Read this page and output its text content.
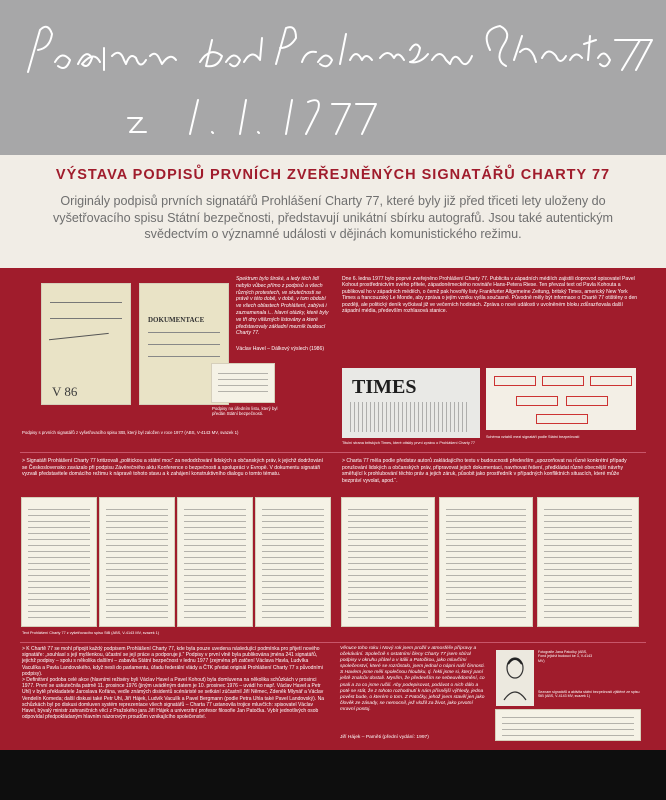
VÝSTAVA PODPISŮ PRVNÍCH ZVEŘEJNĚNÝCH SIGNATÁŘŮ CHARTY 77
Originály podpisů prvních signatářů Prohlášení Charty 77, které byly již před třiceti lety uloženy do vyšetřovacího spisu Státní bezpečnosti, představují unikátní sbírku autografů. Jsou také autentickým svědectvím o významné události v dějinách komunistického režimu.
V 86
DOKUMENTACE
Spektrum bylo široké, a ledy těch lidí nebylo vůbec přímo z podpisů a všech různých protestech, ve skutečnosti se právě v této době, v době, v tom období ve všech oblastech Prohlášení, zabývá i zaznamenala i... hlavní otázky, které byly ve tři dny vítězných listovány a které představovaly základní mezník budoucí Charty 77.
Václav Havel – Dálkový výslech (1986)
Podpisy na úředním listu, který byl předán Státní bezpečnosti.
Podpisy s prvních signatářů z vyšetřovacího spisu StB, který byl založen v roce 1977 (ABS, V-4143 MV, svazek 1)
Dne 6. ledna 1977 bylo poprvé zveřejněno Prohlášení Charty 77. Publicita v západních médiích zajistili doprovod opisovatel Pavel Kohout prostřednictvím svého přítele, západoněmeckého novináře Hans-Petera Riese. Ten převzal text od Pavla Kohouta a publikoval ho v západních médiích, o čemž pak hovořily listy Frankfurter Allgemeine Zeitung, britský Times, americký New York Times a francouzský Le Monde, aby zpráva o jejím vzniku vyšla současně. Původně měly být informace o Chartě 77 otištěny o den později, ale politický deník vyčkával již ve večerních hodinách. Zpráva o nové události v uvolněném bloku zdůrazňovala další západní média, především rozhlasová stanice.
TIMES
Titulní strana britských Times, které otiskly první zprávu o Prohlášení Charty 77
Schéma vztahů mezi signatáři podle Státní bezpečnosti
> Signatáři Prohlášení Charty 77 kritizovali „politickou a státní moc“ za nedodržování lidských a občanských práv, k jejichž dodržování se Československo zavázalo při podpisu Závěrečného aktu Konference o bezpečnosti a spolupráci v Evropě. V dokumentu signatáři vyzvali představitele domácího režimu k nápravě tohoto stavu a k zahájení konstruktivního dialogu o tomto tématu.
Text Prohlášení Charty 77 z vyšetřovacího spisu StB (ABS, V-4143 MV, svazek 1)
> Charta 77 měla podle představ autorů zakládajícího textu v budoucnosti především „upozorňovat na různé konkrétní případy porušování lidských a občanských práv, připravovat jejich dokumentaci, navrhovat řešení, předkládat různé obecnější návrhy směřující k prohlubování těchto práv a jejich záruk, působit jako prostředník v případných konfliktních situacích, které může bezpráví vyvolat, apod.“.
> K Chartě 77 se mohl připojit každý podpisem Prohlášení Charty 77, kde byla pouze uvedena následující podmínka pro přijetí nového signatáře: „souhlasí s její myšlenkou, účastní se její práce a podporuje ji.“ Podpisy v první vlně byla publikována jména 241 signatářů, jejichž podpisy – spolu s několika dalšími – zabavila Státní bezpečnost v lednu 1977 (zejména při zatčení Václava Havla, Ludvíka Vaculíka a Pavla Landovského, když nesli do parlamentu, úřadu federální vlády a ČTK předat originál Prohlášení Charty 77 s původními podpisy).
> Definitivní podoba celé akce (hlavními režiséry byli Václav Havel a Pavel Kohout) byla domluvena na několika schůzkách v prosinci 1977. První se uskutečnila patrně 11. prosince 1976 (jiným uváděným datem je 10. prosinec 1976 – uvádí ho např. Václav Havel a Petr Uhl) v bytě překladatele Jaroslava Kořána, vedle známých disidentů scénáristé se setkání zúčastnil Jiří Němec, Zdeněk Mlynář a Václav Vendelín Komeda; další diskusi také Petr Uhl, Jiří Hájek, Ludvík Vaculík a Pavel Bergmann (podle Petra Uhla také Pavel Landovský). Na schůzkách byl po diskusi domluven systém reprezentace všech signatářů – Charta 77 ustanovila trojice mluvčích: spisovatel Václav Havel, bývalý ministr zahraničních věcí z Pražského jara Jiří Hájek a univerzitní profesor filosofie Jan Patočka. Vybír jednotlivých osob odpovídal předpokládaným hlavním názorovým proudům vznikajícího společenství.
Věnuce toho roku i Nový rok jsem prožil v atmosféře přípravy a očekávání. Společně s ostatními členy Charty 77 jsem sbíral podpisy v okruhu přátel a v itálii a Patočkou, jako mluvčími společenství, které se rozrůstalo, jsem jednal o nápni naší činnosti. S Havlem jsme měli společnou hloubku, tj. řekli jsme si, který paní ještě znalcův dostali. Myslím, že především se sebeuvědomění, co psali a za co jsme ručili. Aby podepisovat, podávat o nich dálo a poté se stát, že z tohoto rozhodnutí k nám přísnější výhledy, jedna pověst bude, o kterém o tom. Z Patočky, jehož jsem stavěl jen jako člověk ze zásady, se nemocnil, jež vložil za život, jako prvotní mravní postoj.
Jiří Hájek – Paměti (přední vydání: 1997)
Fotografie Jana Patočky (ABS, Fond jejichž budoucí ke 3, V-4143 MV)
Seznam signatářů a aktivita státní bezpečnosti zjištěné ze spisu StB (ABS, V-4143 MV, svazek 1)
